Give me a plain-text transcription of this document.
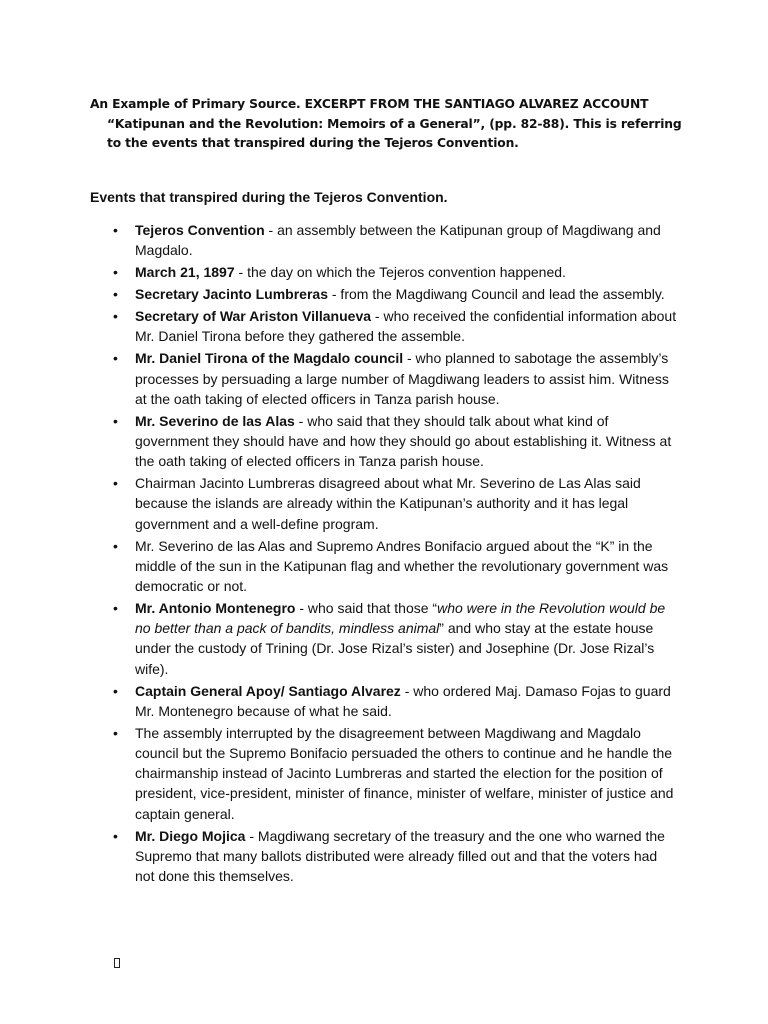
An Example of Primary Source. EXCERPT FROM THE SANTIAGO ALVAREZ ACCOUNT
“Katipunan and the Revolution: Memoirs of a General”, (pp. 82-88). This is referring to the events that transpired during the Tejeros Convention.
Events that transpired during the Tejeros Convention.
• Tejeros Convention - an assembly between the Katipunan group of Magdiwang and Magdalo.
• March 21, 1897 - the day on which the Tejeros convention happened.
• Secretary Jacinto Lumbreras - from the Magdiwang Council and lead the assembly.
• Secretary of War Ariston Villanueva - who received the confidential information about Mr. Daniel Tirona before they gathered the assemble.
• Mr. Daniel Tirona of the Magdalo council - who planned to sabotage the assembly’s processes by persuading a large number of Magdiwang leaders to assist him. Witness at the oath taking of elected officers in Tanza parish house.
• Mr. Severino de las Alas - who said that they should talk about what kind of government they should have and how they should go about establishing it. Witness at the oath taking of elected officers in Tanza parish house.
• Chairman Jacinto Lumbreras disagreed about what Mr. Severino de Las Alas said because the islands are already within the Katipunan’s authority and it has legal government and a well-define program.
• Mr. Severino de las Alas and Supremo Andres Bonifacio argued about the “K” in the middle of the sun in the Katipunan flag and whether the revolutionary government was democratic or not.
• Mr. Antonio Montenegro - who said that those “who were in the Revolution would be no better than a pack of bandits, mindless animal” and who stay at the estate house under the custody of Trining (Dr. Jose Rizal’s sister) and Josephine (Dr. Jose Rizal’s wife).
• Captain General Apoy/ Santiago Alvarez - who ordered Maj. Damaso Fojas to guard Mr. Montenegro because of what he said.
• The assembly interrupted by the disagreement between Magdiwang and Magdalo council but the Supremo Bonifacio persuaded the others to continue and he handle the chairmanship instead of Jacinto Lumbreras and started the election for the position of president, vice-president, minister of finance, minister of welfare, minister of justice and captain general.
• Mr. Diego Mojica - Magdiwang secretary of the treasury and the one who warned the Supremo that many ballots distributed were already filled out and that the voters had not done this themselves.
